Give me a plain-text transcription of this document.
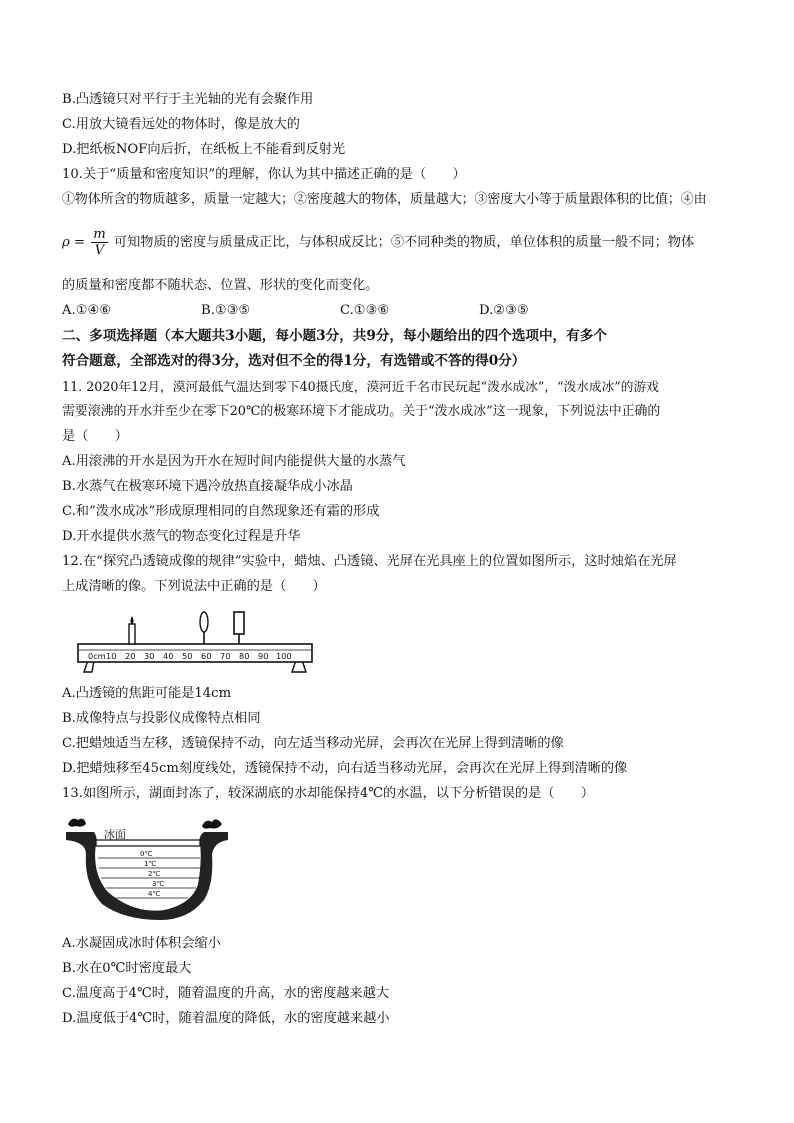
B.凸透镜只对平行于主光轴的光有会聚作用
C.用放大镜看远处的物体时，像是放大的
D.把纸板NOF向后折，在纸板上不能看到反射光
10.关于“质量和密度知识”的理解，你认为其中描述正确的是（　　）
①物体所含的物质越多，质量一定越大；②密度越大的物体，质量越大；③密度大小等于质量跟体积的比值；④由
$\rho = \frac{m}{V}$ 可知物质的密度与质量成正比，与体积成反比；⑤不同种类的物质，单位体积的质量一般不同；物体
的质量和密度都不随状态、位置、形状的变化而变化。
A.①④⑥	B.①③⑤	C.①③⑥	D.②③⑤
二、多项选择题（本大题共3小题，每小题3分，共9分，每小题给出的四个选项中，有多个
符合题意，全部选对的得3分，选对但不全的得1分，有选错或不答的得0分）
11. 2020年12月，漠河最低气温达到零下40摄氏度，漠河近千名市民玩起“泼水成冰”，“泼水成冰”的游戏
需要滚沸的开水并至少在零下20℃的极寒环境下才能成功。关于“泼水成冰”这一现象，下列说法中正确的
是（　　）
A.用滚沸的开水是因为开水在短时间内能提供大量的水蒸气
B.水蒸气在极寒环境下遇冷放热直接凝华成小冰晶
C.和“泼水成冰”形成原理相同的自然现象还有霜的形成
D.开水提供水蒸气的物态变化过程是升华
12.在“探究凸透镜成像的规律”实验中，蜡烛、凸透镜、光屏在光具座上的位置如图所示，这时烛焰在光屏
上成清晰的像。下列说法中正确的是（　　）
0cm 10 20 30 40 50 60 70 80 90 100
A.凸透镜的焦距可能是14cm
B.成像特点与投影仪成像特点相同
C.把蜡烛适当左移，透镜保持不动，向左适当移动光屏，会再次在光屏上得到清晰的像
D.把蜡烛移至45cm刻度线处，透镜保持不动，向右适当移动光屏，会再次在光屏上得到清晰的像
13.如图所示，湖面封冻了，较深湖底的水却能保持4℃的水温，以下分析错误的是（　　）
冰面
0℃
1℃
2℃
3℃
4℃
A.水凝固成冰时体积会缩小
B.水在0℃时密度最大
C.温度高于4℃时，随着温度的升高，水的密度越来越大
D.温度低于4℃时，随着温度的降低，水的密度越来越小
